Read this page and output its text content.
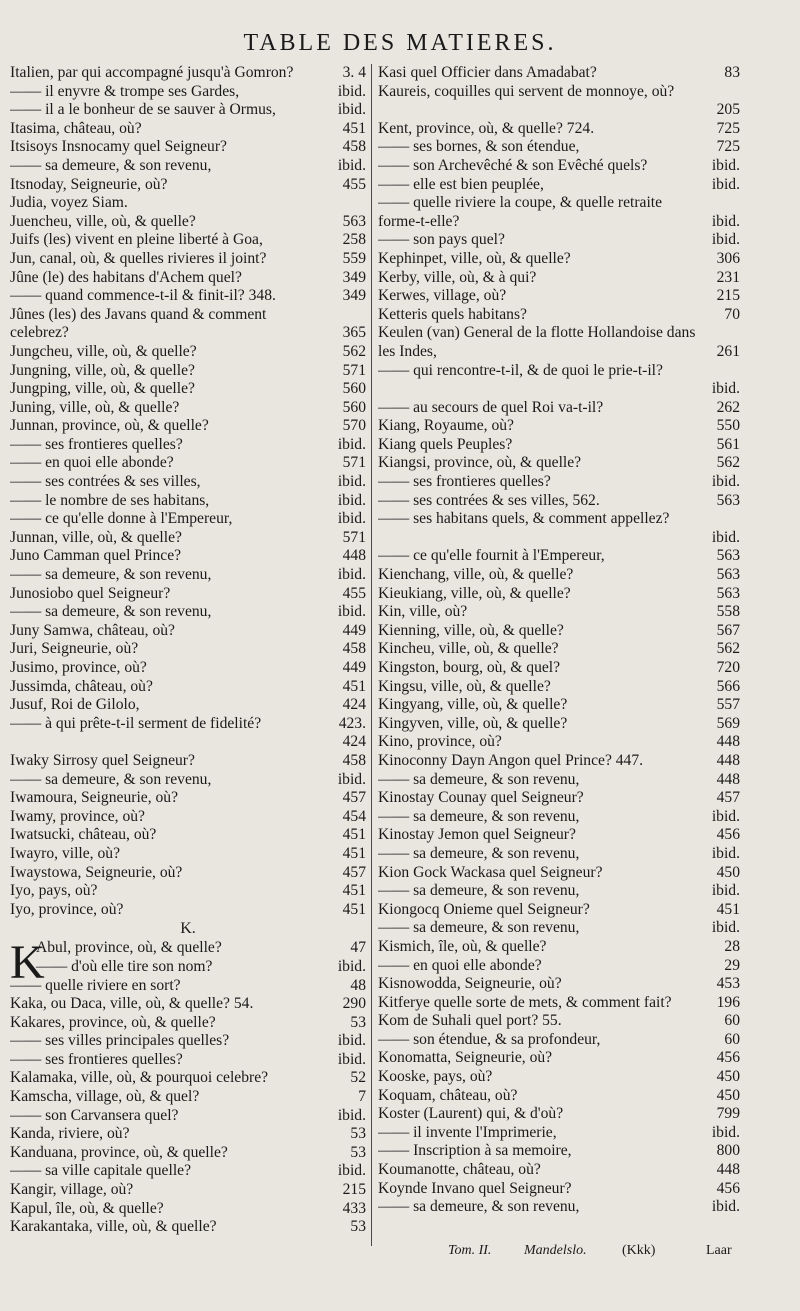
TABLE DES MATIERES.
Italien, par qui accompagné jusqu'à Gomron?	3. 4
—— il enyvre & trompe ses Gardes,	ibid.
—— il a le bonheur de se sauver à Ormus,	ibid.
Itasima, château, où?	451
Itsisoys Insnocamy quel Seigneur?	458
—— sa demeure, & son revenu,	ibid.
Itsnoday, Seigneurie, où?	455
Judia, voyez Siam.
Juencheu, ville, où, & quelle?	563
Juifs (les) vivent en pleine liberté à Goa,	258
Jun, canal, où, & quelles rivieres il joint?	559
Jûne (le) des habitans d'Achem quel?	349
—— quand commence-t-il & finit-il? 348.	349
Jûnes (les) des Javans quand & comment celebrez?	365
Jungcheu, ville, où, & quelle?	562
Jungning, ville, où, & quelle?	571
Jungping, ville, où, & quelle?	560
Juning, ville, où, & quelle?	560
Junnan, province, où, & quelle?	570
—— ses frontieres quelles?	ibid.
—— en quoi elle abonde?	571
—— ses contrées & ses villes,	ibid.
—— le nombre de ses habitans,	ibid.
—— ce qu'elle donne à l'Empereur,	ibid.
Junnan, ville, où, & quelle?	571
Juno Camman quel Prince?	448
—— sa demeure, & son revenu,	ibid.
Junosiobo quel Seigneur?	455
—— sa demeure, & son revenu,	ibid.
Juny Samwa, château, où?	449
Juri, Seigneurie, où?	458
Jusimo, province, où?	449
Jussimda, château, où?	451
Jusuf, Roi de Gilolo,	424
—— à qui prête-t-il serment de fidelité?	423.
424
Iwaky Sirrosy quel Seigneur?	458
—— sa demeure, & son revenu,	ibid.
Iwamoura, Seigneurie, où?	457
Iwamy, province, où?	454
Iwatsucki, château, où?	451
Iwayro, ville, où?	451
Iwaystowa, Seigneurie, où?	457
Iyo, pays, où?	451
Iyo, province, où?	451
K.
K
Abul, province, où, & quelle?	47
—— d'où elle tire son nom?	ibid.
—— quelle riviere en sort?	48
Kaka, ou Daca, ville, où, & quelle? 54.	290
Kakares, province, où, & quelle?	53
—— ses villes principales quelles?	ibid.
—— ses frontieres quelles?	ibid.
Kalamaka, ville, où, & pourquoi celebre?	52
Kamscha, village, où, & quel?	7
—— son Carvansera quel?	ibid.
Kanda, riviere, où?	53
Kanduana, province, où, & quelle?	53
—— sa ville capitale quelle?	ibid.
Kangir, village, où?	215
Kapul, île, où, & quelle?	433
Karakantaka, ville, où, & quelle?	53
Kasi quel Officier dans Amadabat?	83
Kaureis, coquilles qui servent de monnoye, où?
205
Kent, province, où, & quelle? 724.	725
—— ses bornes, & son étendue,	725
—— son Archevêché & son Evêché quels?	ibid.
—— elle est bien peuplée,	ibid.
—— quelle riviere la coupe, & quelle retraite forme-t-elle?	ibid.
—— son pays quel?	ibid.
Kephinpet, ville, où, & quelle?	306
Kerby, ville, où, & à qui?	231
Kerwes, village, où?	215
Ketteris quels habitans?	70
Keulen (van) General de la flotte Hollandoise dans les Indes,	261
—— qui rencontre-t-il, & de quoi le prie-t-il?
ibid.
—— au secours de quel Roi va-t-il?	262
Kiang, Royaume, où?	550
Kiang quels Peuples?	561
Kiangsi, province, où, & quelle?	562
—— ses frontieres quelles?	ibid.
—— ses contrées & ses villes, 562.	563
—— ses habitans quels, & comment appellez?
ibid.
—— ce qu'elle fournit à l'Empereur,	563
Kienchang, ville, où, & quelle?	563
Kieukiang, ville, où, & quelle?	563
Kin, ville, où?	558
Kienning, ville, où, & quelle?	567
Kincheu, ville, où, & quelle?	562
Kingston, bourg, où, & quel?	720
Kingsu, ville, où, & quelle?	566
Kingyang, ville, où, & quelle?	557
Kingyven, ville, où, & quelle?	569
Kino, province, où?	448
Kinoconny Dayn Angon quel Prince? 447.	448
—— sa demeure, & son revenu,	448
Kinostay Counay quel Seigneur?	457
—— sa demeure, & son revenu,	ibid.
Kinostay Jemon quel Seigneur?	456
—— sa demeure, & son revenu,	ibid.
Kion Gock Wackasa quel Seigneur?	450
—— sa demeure, & son revenu,	ibid.
Kiongocq Onieme quel Seigneur?	451
—— sa demeure, & son revenu,	ibid.
Kismich, île, où, & quelle?	28
—— en quoi elle abonde?	29
Kisnowodda, Seigneurie, où?	453
Kitferye quelle sorte de mets, & comment fait?	196
Kom de Suhali quel port? 55.	60
—— son étendue, & sa profondeur,	60
Konomatta, Seigneurie, où?	456
Kooske, pays, où?	450
Koquam, château, où?	450
Koster (Laurent) qui, & d'où?	799
—— il invente l'Imprimerie,	ibid.
—— Inscription à sa memoire,	800
Koumanotte, château, où?	448
Koynde Invano quel Seigneur?	456
—— sa demeure, & son revenu,	ibid.
Tom. II. Mandelslo.	(Kkk)	Laar
